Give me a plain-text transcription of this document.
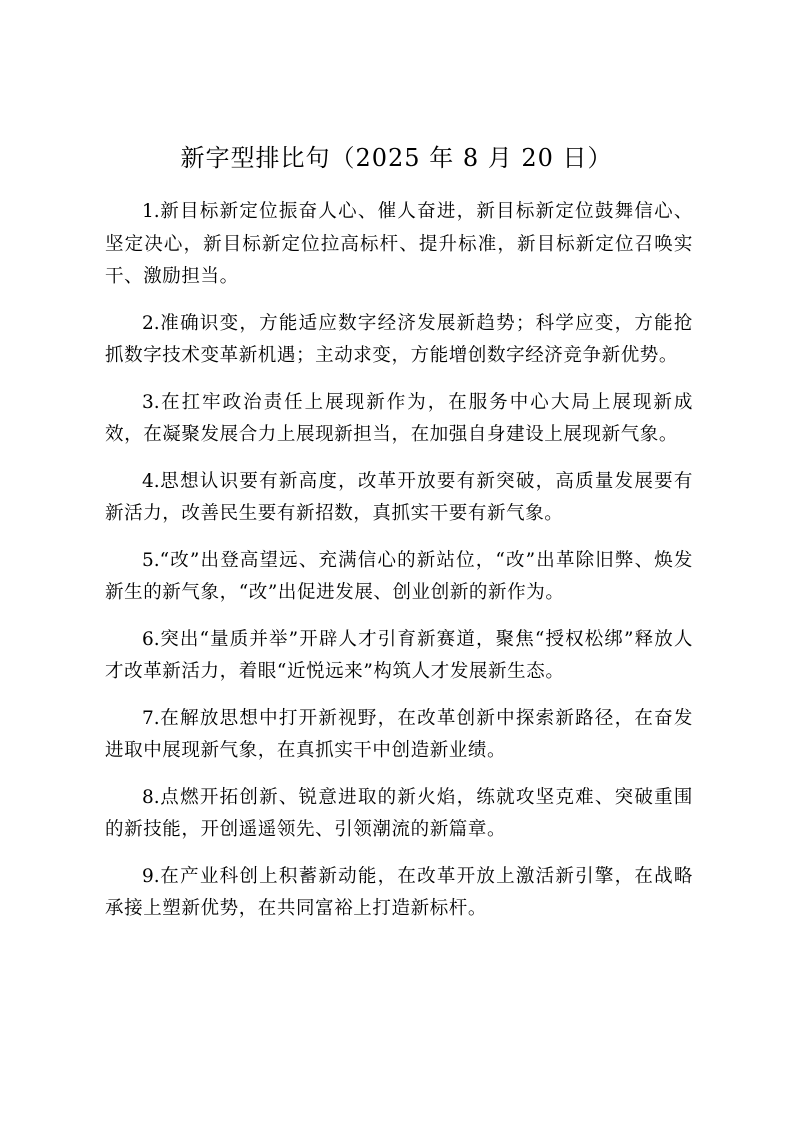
新字型排比句（2025 年 8 月 20 日）

1.新目标新定位振奋人心、催人奋进，新目标新定位鼓舞信心、坚定决心，新目标新定位拉高标杆、提升标准，新目标新定位召唤实干、激励担当。

2.准确识变，方能适应数字经济发展新趋势；科学应变，方能抢抓数字技术变革新机遇；主动求变，方能增创数字经济竞争新优势。

3.在扛牢政治责任上展现新作为，在服务中心大局上展现新成效，在凝聚发展合力上展现新担当，在加强自身建设上展现新气象。

4.思想认识要有新高度，改革开放要有新突破，高质量发展要有新活力，改善民生要有新招数，真抓实干要有新气象。

5.“改”出登高望远、充满信心的新站位，“改”出革除旧弊、焕发新生的新气象，“改”出促进发展、创业创新的新作为。

6.突出“量质并举”开辟人才引育新赛道，聚焦“授权松绑”释放人才改革新活力，着眼“近悦远来”构筑人才发展新生态。

7.在解放思想中打开新视野，在改革创新中探索新路径，在奋发进取中展现新气象，在真抓实干中创造新业绩。

8.点燃开拓创新、锐意进取的新火焰，练就攻坚克难、突破重围的新技能，开创遥遥领先、引领潮流的新篇章。

9.在产业科创上积蓄新动能，在改革开放上激活新引擎，在战略承接上塑新优势，在共同富裕上打造新标杆。
